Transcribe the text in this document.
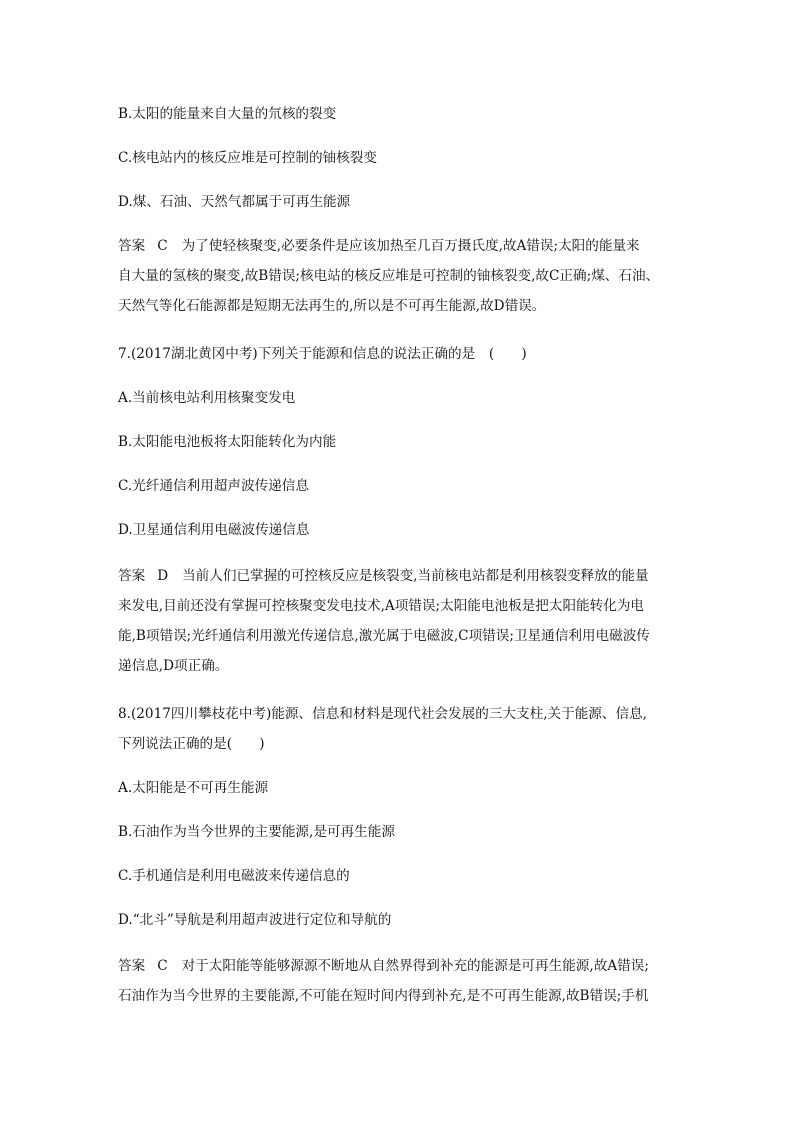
B.太阳的能量来自大量的氘核的裂变
C.核电站内的核反应堆是可控制的铀核裂变
D.煤、石油、天然气都属于可再生能源
答案 C 为了使轻核聚变,必要条件是应该加热至几百万摄氏度,故A错误;太阳的能量来
自大量的氢核的聚变,故B错误;核电站的核反应堆是可控制的铀核裂变,故C正确;煤、石油、
天然气等化石能源都是短期无法再生的,所以是不可再生能源,故D错误。
7.(2017湖北黄冈中考)下列关于能源和信息的说法正确的是　(　　)
A.当前核电站利用核聚变发电
B.太阳能电池板将太阳能转化为内能
C.光纤通信利用超声波传递信息
D.卫星通信利用电磁波传递信息
答案 D 当前人们已掌握的可控核反应是核裂变,当前核电站都是利用核裂变释放的能量
来发电,目前还没有掌握可控核聚变发电技术,A项错误;太阳能电池板是把太阳能转化为电
能,B项错误;光纤通信利用激光传递信息,激光属于电磁波,C项错误;卫星通信利用电磁波传
递信息,D项正确。
8.(2017四川攀枝花中考)能源、信息和材料是现代社会发展的三大支柱,关于能源、信息,
下列说法正确的是(　　)
A.太阳能是不可再生能源
B.石油作为当今世界的主要能源,是可再生能源
C.手机通信是利用电磁波来传递信息的
D.“北斗”导航是利用超声波进行定位和导航的
答案 C 对于太阳能等能够源源不断地从自然界得到补充的能源是可再生能源,故A错误;
石油作为当今世界的主要能源,不可能在短时间内得到补充,是不可再生能源,故B错误;手机
